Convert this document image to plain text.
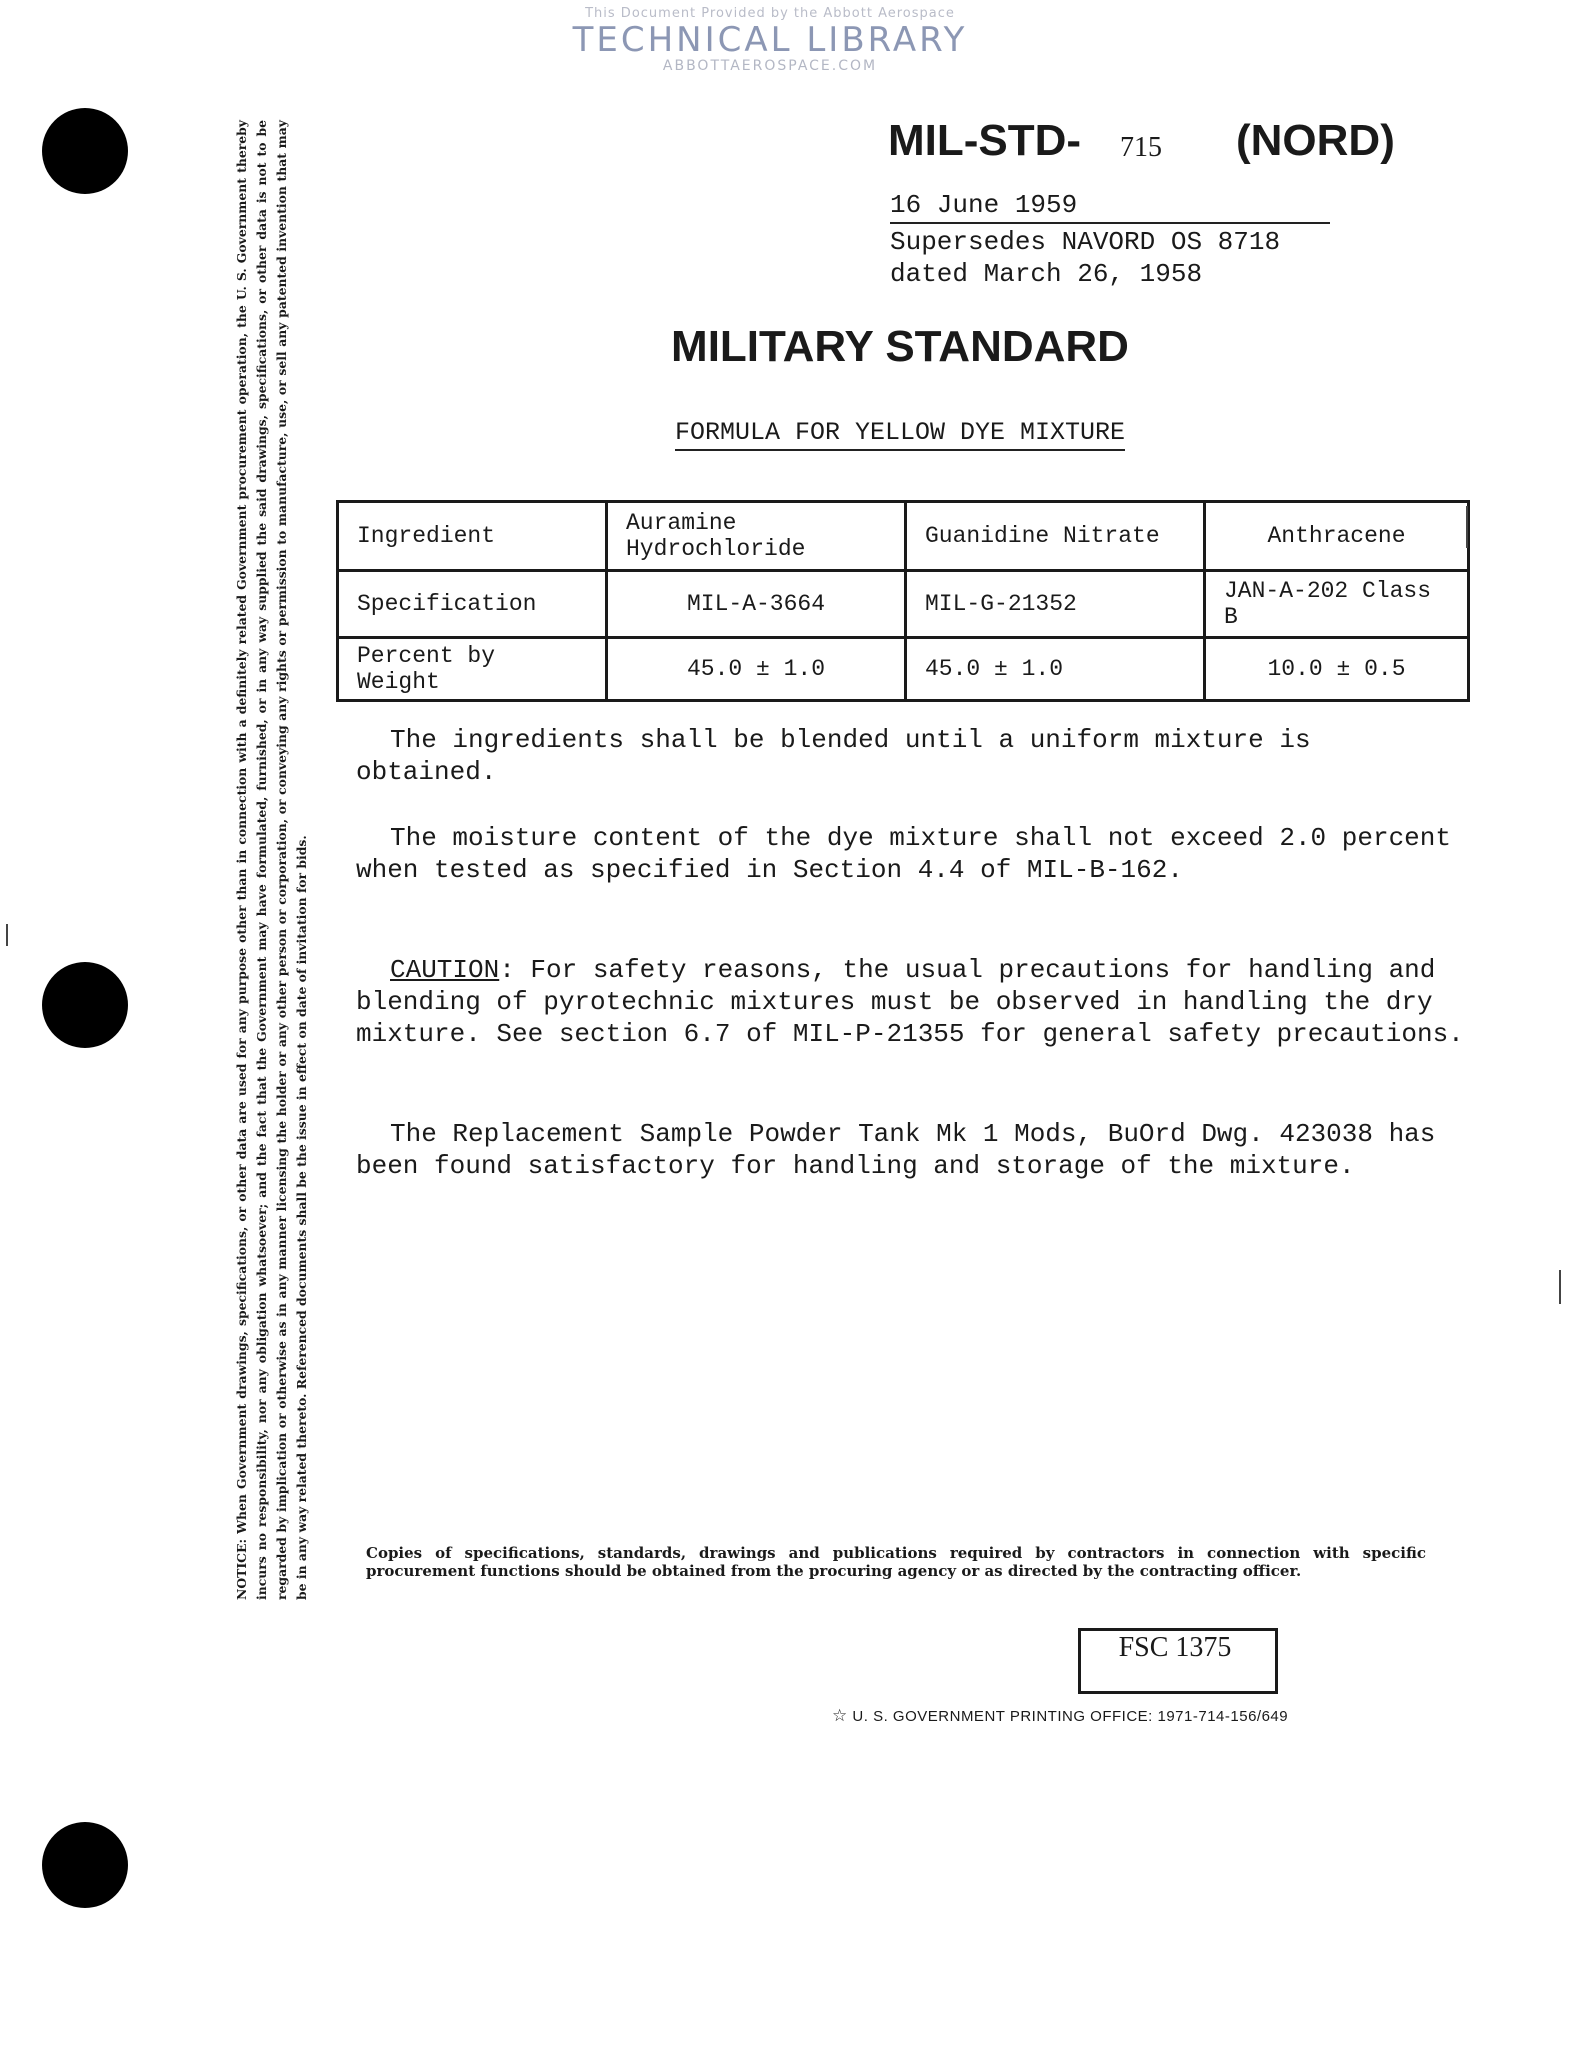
This Document Provided by the Abbott Aerospace
TECHNICAL LIBRARY
ABBOTTAEROSPACE.COM
NOTICE: When Government drawings, specifications, or other data are used for any purpose other than in connection with a definitely related Government procurement operation, the U. S. Government thereby incurs no responsibility, nor any obligation whatsoever; and the fact that the Government may have formulated, furnished, or in any way supplied the said drawings, specifications, or other data is not to be regarded by implication or otherwise as in any manner licensing the holder or any other person or corporation, or conveying any rights or permission to manufacture, use, or sell any patented invention that may be in any way related thereto. Referenced documents shall be the issue in effect on date of invitation for bids.
MIL-STD- 715 (NORD)
16 June 1959
Supersedes NAVORD OS 8718
dated March 26, 1958
MILITARY STANDARD
FORMULA FOR YELLOW DYE MIXTURE
Ingredient	Auramine Hydrochloride	Guanidine Nitrate	Anthracene
Specification	MIL-A-3664	MIL-G-21352	JAN-A-202 Class B
Percent by Weight	45.0 ± 1.0	45.0 ± 1.0	10.0 ± 0.5
The ingredients shall be blended until a uniform mixture is obtained.
The moisture content of the dye mixture shall not exceed 2.0 percent when tested as specified in Section 4.4 of MIL-B-162.
CAUTION: For safety reasons, the usual precautions for handling and blending of pyrotechnic mixtures must be observed in handling the dry mixture. See section 6.7 of MIL-P-21355 for general safety precautions.
The Replacement Sample Powder Tank Mk 1 Mods, BuOrd Dwg. 423038 has been found satisfactory for handling and storage of the mixture.
Copies of specifications, standards, drawings and publications required by contractors in connection with specific procurement functions should be obtained from the procuring agency or as directed by the contracting officer.
FSC 1375
☆ U. S. GOVERNMENT PRINTING OFFICE: 1971-714-156/649
